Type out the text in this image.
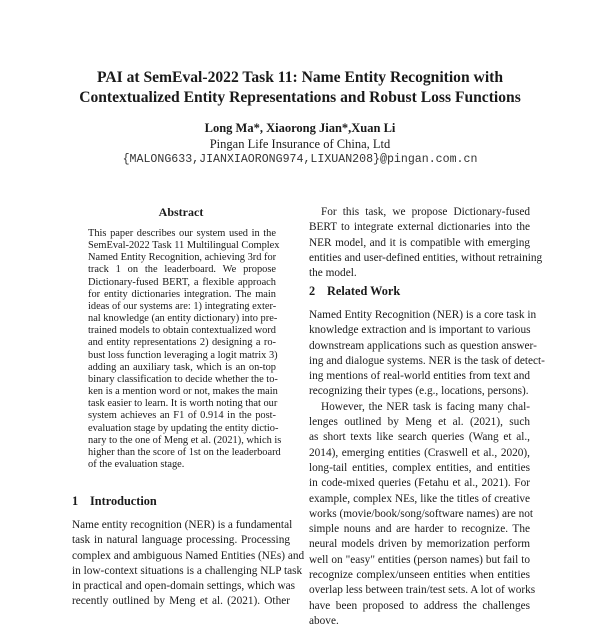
PAI at SemEval-2022 Task 11: Name Entity Recognition with
Contextualized Entity Representations and Robust Loss Functions
Long Ma*, Xiaorong Jian*,Xuan Li
Pingan Life Insurance of China, Ltd
{MALONG633,JIANXIAORONG974,LIXUAN208}@pingan.com.cn
Abstract
This paper describes our system used in the
SemEval-2022 Task 11 Multilingual Complex
Named Entity Recognition, achieving 3rd for
track 1 on the leaderboard. We propose
Dictionary-fused BERT, a flexible approach
for entity dictionaries integration. The main
ideas of our systems are: 1) integrating exter-
nal knowledge (an entity dictionary) into pre-
trained models to obtain contextualized word
and entity representations 2) designing a ro-
bust loss function leveraging a logit matrix 3)
adding an auxiliary task, which is an on-top
binary classification to decide whether the to-
ken is a mention word or not, makes the main
task easier to learn. It is worth noting that our
system achieves an F1 of 0.914 in the post-
evaluation stage by updating the entity dictio-
nary to the one of Meng et al. (2021), which is
higher than the score of 1st on the leaderboard
of the evaluation stage.
1 Introduction
Name entity recognition (NER) is a fundamental
task in natural language processing. Processing
complex and ambiguous Named Entities (NEs) and
in low-context situations is a challenging NLP task
in practical and open-domain settings, which was
recently outlined by Meng et al. (2021). Other
For this task, we propose Dictionary-fused
BERT to integrate external dictionaries into the
NER model, and it is compatible with emerging
entities and user-defined entities, without retraining
the model.
2 Related Work
Named Entity Recognition (NER) is a core task in
knowledge extraction and is important to various
downstream applications such as question answer-
ing and dialogue systems. NER is the task of detect-
ing mentions of real-world entities from text and
recognizing their types (e.g., locations, persons).
However, the NER task is facing many chal-
lenges outlined by Meng et al. (2021), such
as short texts like search queries (Wang et al.,
2014), emerging entities (Craswell et al., 2020),
long-tail entities, complex entities, and entities
in code-mixed queries (Fetahu et al., 2021). For
example, complex NEs, like the titles of creative
works (movie/book/song/software names) are not
simple nouns and are harder to recognize. The
neural models driven by memorization perform
well on "easy" entities (person names) but fail to
recognize complex/unseen entities when entities
overlap less between train/test sets. A lot of works
have been proposed to address the challenges
above.
